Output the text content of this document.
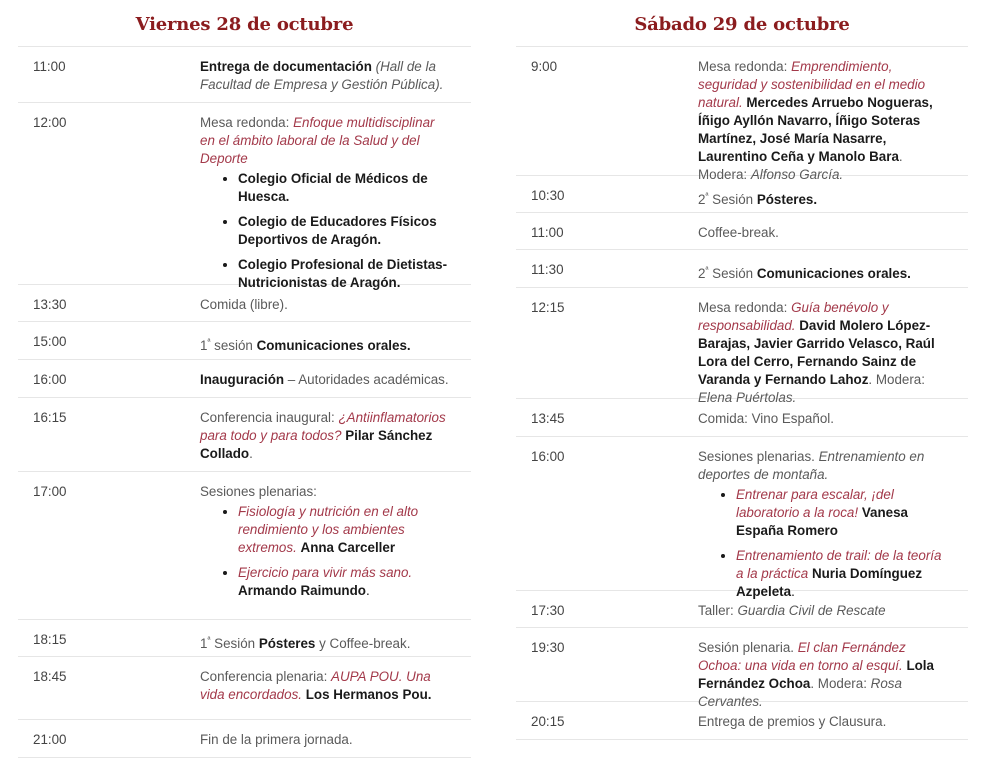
Viernes 28 de octubre
11:00	Entrega de documentación (Hall de la Facultad de Empresa y Gestión Pública).
12:00	Mesa redonda: Enfoque multidisciplinar en el ámbito laboral de la Salud y del Deporte
• Colegio Oficial de Médicos de Huesca.
• Colegio de Educadores Físicos Deportivos de Aragón.
• Colegio Profesional de Dietistas-Nutricionistas de Aragón.
13:30	Comida (libre).
15:00	$1^ª$ sesión Comunicaciones orales.
16:00	Inauguración – Autoridades académicas.
16:15	Conferencia inaugural: ¿Antiinflamatorios para todo y para todos? Pilar Sánchez Collado.
17:00	Sesiones plenarias:
• Fisiología y nutrición en el alto rendimiento y los ambientes extremos. Anna Carceller
• Ejercicio para vivir más sano. Armando Raimundo.
18:15	$1^ª$ Sesión Pósteres y Coffee-break.
18:45	Conferencia plenaria: AUPA POU. Una vida encordados. Los Hermanos Pou.
21:00	Fin de la primera jornada.
Sábado 29 de octubre
9:00	Mesa redonda: Emprendimiento, seguridad y sostenibilidad en el medio natural. Mercedes Arruebo Nogueras, Íñigo Ayllón Navarro, Íñigo Soteras Martínez, José María Nasarre, Laurentino Ceña y Manolo Bara. Modera: Alfonso García.
10:30	$2^ª$ Sesión Pósteres.
11:00	Coffee-break.
11:30	$2^ª$ Sesión Comunicaciones orales.
12:15	Mesa redonda: Guía benévolo y responsabilidad. David Molero López-Barajas, Javier Garrido Velasco, Raúl Lora del Cerro, Fernando Sainz de Varanda y Fernando Lahoz. Modera: Elena Puértolas.
13:45	Comida: Vino Español.
16:00	Sesiones plenarias. Entrenamiento en deportes de montaña.
• Entrenar para escalar, ¡del laboratorio a la roca! Vanesa España Romero
• Entrenamiento de trail: de la teoría a la práctica Nuria Domínguez Azpeleta.
17:30	Taller: Guardia Civil de Rescate
19:30	Sesión plenaria. El clan Fernández Ochoa: una vida en torno al esquí. Lola Fernández Ochoa. Modera: Rosa Cervantes.
20:15	Entrega de premios y Clausura.
